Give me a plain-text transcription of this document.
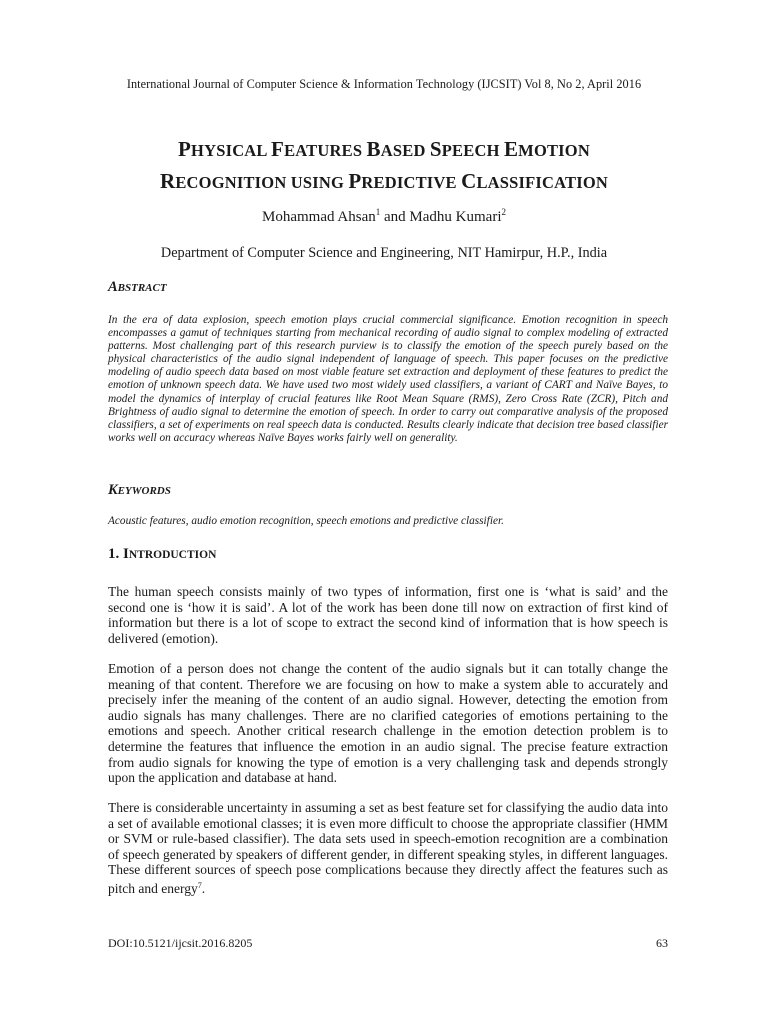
International Journal of Computer Science & Information Technology (IJCSIT) Vol 8, No 2, April 2016
PHYSICAL FEATURES BASED SPEECH EMOTION
RECOGNITION USING PREDICTIVE CLASSIFICATION
Mohammad Ahsan$^1$ and Madhu Kumari$^2$
Department of Computer Science and Engineering, NIT Hamirpur, H.P., India
ABSTRACT
In the era of data explosion, speech emotion plays crucial commercial significance. Emotion recognition in speech encompasses a gamut of techniques starting from mechanical recording of audio signal to complex modeling of extracted patterns. Most challenging part of this research purview is to classify the emotion of the speech purely based on the physical characteristics of the audio signal independent of language of speech. This paper focuses on the predictive modeling of audio speech data based on most viable feature set extraction and deployment of these features to predict the emotion of unknown speech data. We have used two most widely used classifiers, a variant of CART and Naïve Bayes, to model the dynamics of interplay of crucial features like Root Mean Square (RMS), Zero Cross Rate (ZCR), Pitch and Brightness of audio signal to determine the emotion of speech. In order to carry out comparative analysis of the proposed classifiers, a set of experiments on real speech data is conducted. Results clearly indicate that decision tree based classifier works well on accuracy whereas Naïve Bayes works fairly well on generality.
KEYWORDS
Acoustic features, audio emotion recognition, speech emotions and predictive classifier.
1. INTRODUCTION
The human speech consists mainly of two types of information, first one is ‘what is said’ and the second one is ‘how it is said’. A lot of the work has been done till now on extraction of first kind of information but there is a lot of scope to extract the second kind of information that is how speech is delivered (emotion).
Emotion of a person does not change the content of the audio signals but it can totally change the meaning of that content. Therefore we are focusing on how to make a system able to accurately and precisely infer the meaning of the content of an audio signal. However, detecting the emotion from audio signals has many challenges. There are no clarified categories of emotions pertaining to the emotions and speech. Another critical research challenge in the emotion detection problem is to determine the features that influence the emotion in an audio signal. The precise feature extraction from audio signals for knowing the type of emotion is a very challenging task and depends strongly upon the application and database at hand.
There is considerable uncertainty in assuming a set as best feature set for classifying the audio data into a set of available emotional classes; it is even more difficult to choose the appropriate classifier (HMM or SVM or rule-based classifier). The data sets used in speech-emotion recognition are a combination of speech generated by speakers of different gender, in different speaking styles, in different languages. These different sources of speech pose complications because they directly affect the features such as pitch and energy$^7$.
DOI:10.5121/ijcsit.2016.8205	63
